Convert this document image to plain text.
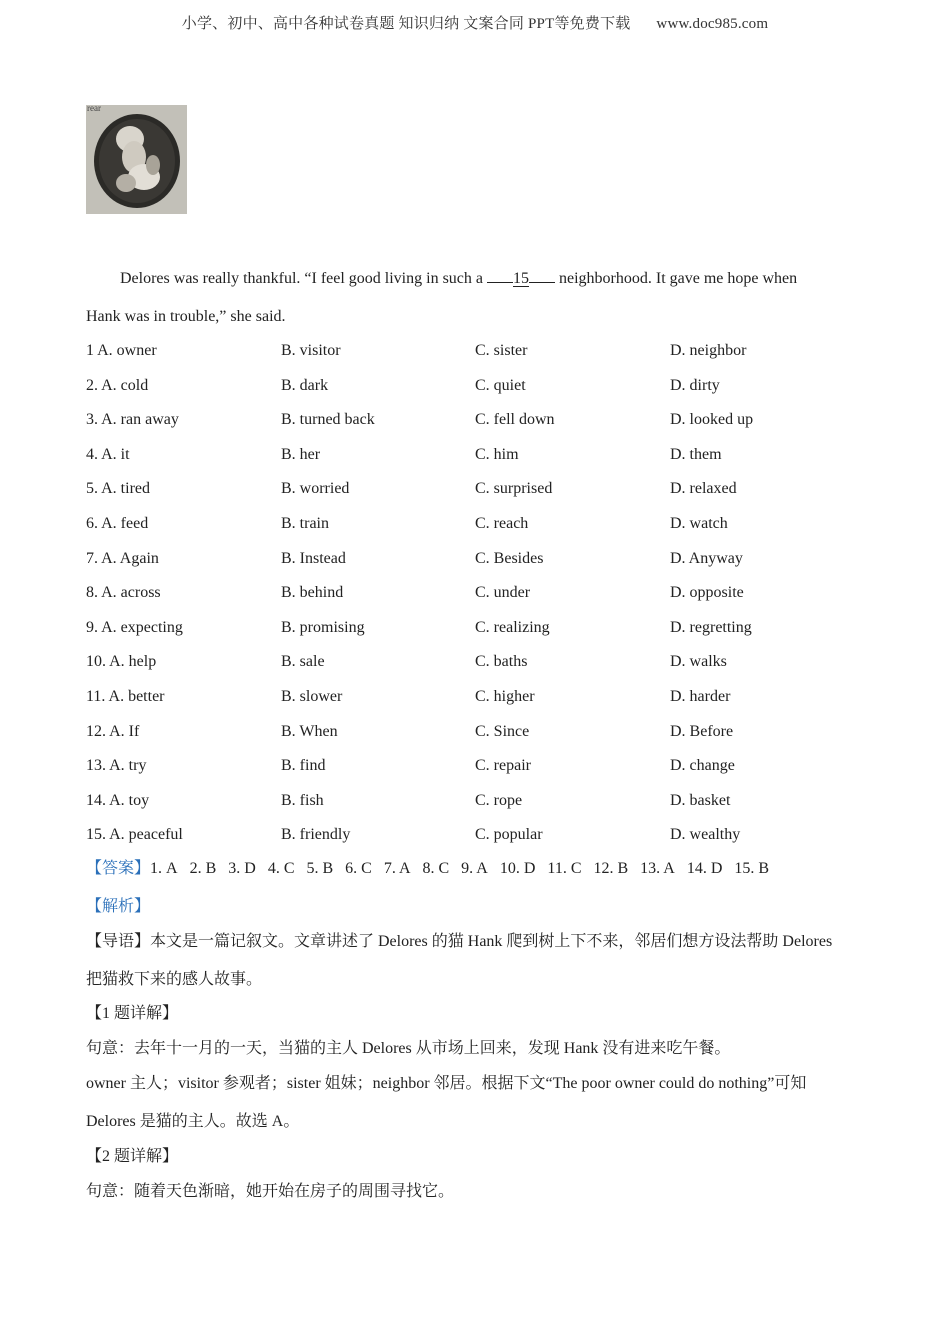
小学、初中、高中各种试卷真题 知识归纳 文案合同 PPT等免费下载 www.doc985.com
rear
Delores was really thankful. “I feel good living in such a 15 neighborhood. It gave me hope when
Hank was in trouble,” she said.
1 A. owner	B. visitor	C. sister	D. neighbor
2. A. cold	B. dark	C. quiet	D. dirty
3. A. ran away	B. turned back	C. fell down	D. looked up
4. A. it	B. her	C. him	D. them
5. A. tired	B. worried	C. surprised	D. relaxed
6. A. feed	B. train	C. reach	D. watch
7. A. Again	B. Instead	C. Besides	D. Anyway
8. A. across	B. behind	C. under	D. opposite
9. A. expecting	B. promising	C. realizing	D. regretting
10. A. help	B. sale	C. baths	D. walks
11. A. better	B. slower	C. higher	D. harder
12. A. If	B. When	C. Since	D. Before
13. A. try	B. find	C. repair	D. change
14. A. toy	B. fish	C. rope	D. basket
15. A. peaceful	B. friendly	C. popular	D. wealthy
【答案】1. A 2. B 3. D 4. C 5. B 6. C 7. A 8. C 9. A 10. D 11. C 12. B 13. A 14. D 15. B
【解析】
【导语】本文是一篇记叙文。文章讲述了 Delores 的猫 Hank 爬到树上下不来，邻居们想方设法帮助 Delores
把猫救下来的感人故事。
【1 题详解】
句意：去年十一月的一天，当猫的主人 Delores 从市场上回来，发现 Hank 没有进来吃午餐。
owner 主人；visitor 参观者；sister 姐妹；neighbor 邻居。根据下文“The poor owner could do nothing”可知
Delores 是猫的主人。故选 A。
【2 题详解】
句意：随着天色渐暗，她开始在房子的周围寻找它。
